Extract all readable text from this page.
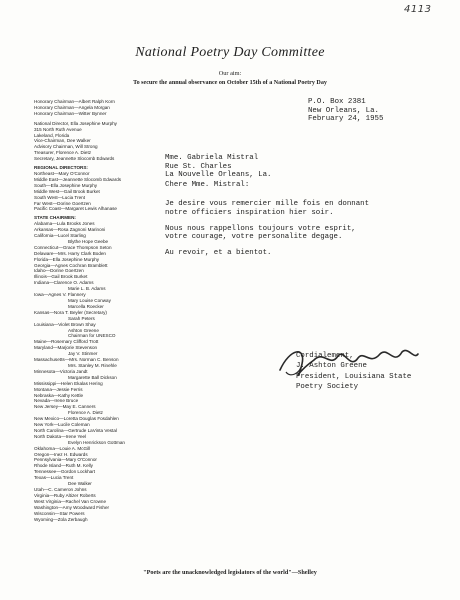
4113
National Poetry Day Committee
Our aim:
To secure the annual observance on October 15th of a National Poetry Day
Honorary Chairman—Albert Ralph Korn
Honorary Chairman—Angela Morgan
Honorary Chairman—Witter Bynner
National Director, Ella Josephine Murphy
315 North Ruth Avenue
Lakeland, Florida
Vice-Chairman, Dee Walker
Advisory Chairman, Will Strong
Treasurer, Florence A. Dietz
Secretary, Jeannette Slocomb Edwards
REGIONAL DIRECTORS:
Northeast—Mary O'Connor
Middle East—Jeannette Slocomb Edwards
South—Ella Josephine Murphy
Middle West—Gail Brook Burket
South West—Lucia Trent
Far West—Dorine Goertzen
Pacific Coast—Margaret Lewis Alhanase
STATE CHAIRMEN:
Alabama—Lula Brooks Jones
Arkansas—Rosa Zagnoni Marinoni
California—Lucel Starling
Blythe Hope Geebe
Connecticut—Grace Thompson Seton
Delaware—Mrs. Harry Clark Boden
Florida—Ella Josephine Murphy
Georgia—Agnes Cochran Bramblett
Idaho—Dorine Goertzen
Illinois—Gail Brook Burket
Indiana—Clarence O. Adams
Marie L. B. Adams
Iowa—Agnes V. Flannery
Mary Louise Conway
Marcella Roecker
Kansas—Nora T. Beyler (Secretary)
Sarah Peters
Louisiana—Violet Brown Shay
Ashton Greene
Chairman for UNESCO
Maine—Rosemary Clifford Trott
Maryland—Marjorie Stevenson
Jay V. Stinmer
Massachusetts—Mrs. Norman C. Benson
Mrs. Stanley M. Rinehle
Minnesota—Victoria Jandt
Margarette Ball Dickson
Mississippi—Helen Ekalas Hering
Montana—Jessie Ferris
Nebraska—Kathy Kettle
Nevada—Irene Bruce
New Jersey—May E. Canners
Florence A. Dietz
New Mexico—Loretta Douglas Fosdahlen
New York—Lucile Coleman
North Carolina—Gertrude LaVinta Vestal
North Dakota—Irene Yeel
Evelyn Henrickson Gottman
Oklahoma—Louie A. McGill
Oregon—Inez H. Edwards
Pennsylvania—Mary O'Connor
Rhode Island—Ruth M. Kelly
Tennessee—Gordon Lockhart
Texas—Lucia Trent
Dee Walker
Utah—C. Cameron Johns
Virginia—Ruby Altizer Roberts
West Virginia—Rachel Van Crowne
Washington—Amy Woodward Fisher
Wisconsin—Star Powers
Wyoming—Zola Zerbaugh
P.O. Box 2381
New Orleans, La.
February 24, 1955
Mme. Gabriela Mistral
Rue St. Charles
La Nouvelle Orleans, La.
Chere Mme. Mistral:
Je desire vous remercier mille fois en donnant
notre officiers inspiration hier soir.
Nous nous rappellons toujours votre esprit,
votre courage, votre personalite degage.
Au revoir, et a bientot.
Cordialement,
J. Ashton Greene
President, Louisiana State
Poetry Society
"Poets are the unacknowledged legislators of the world"—Shelley
